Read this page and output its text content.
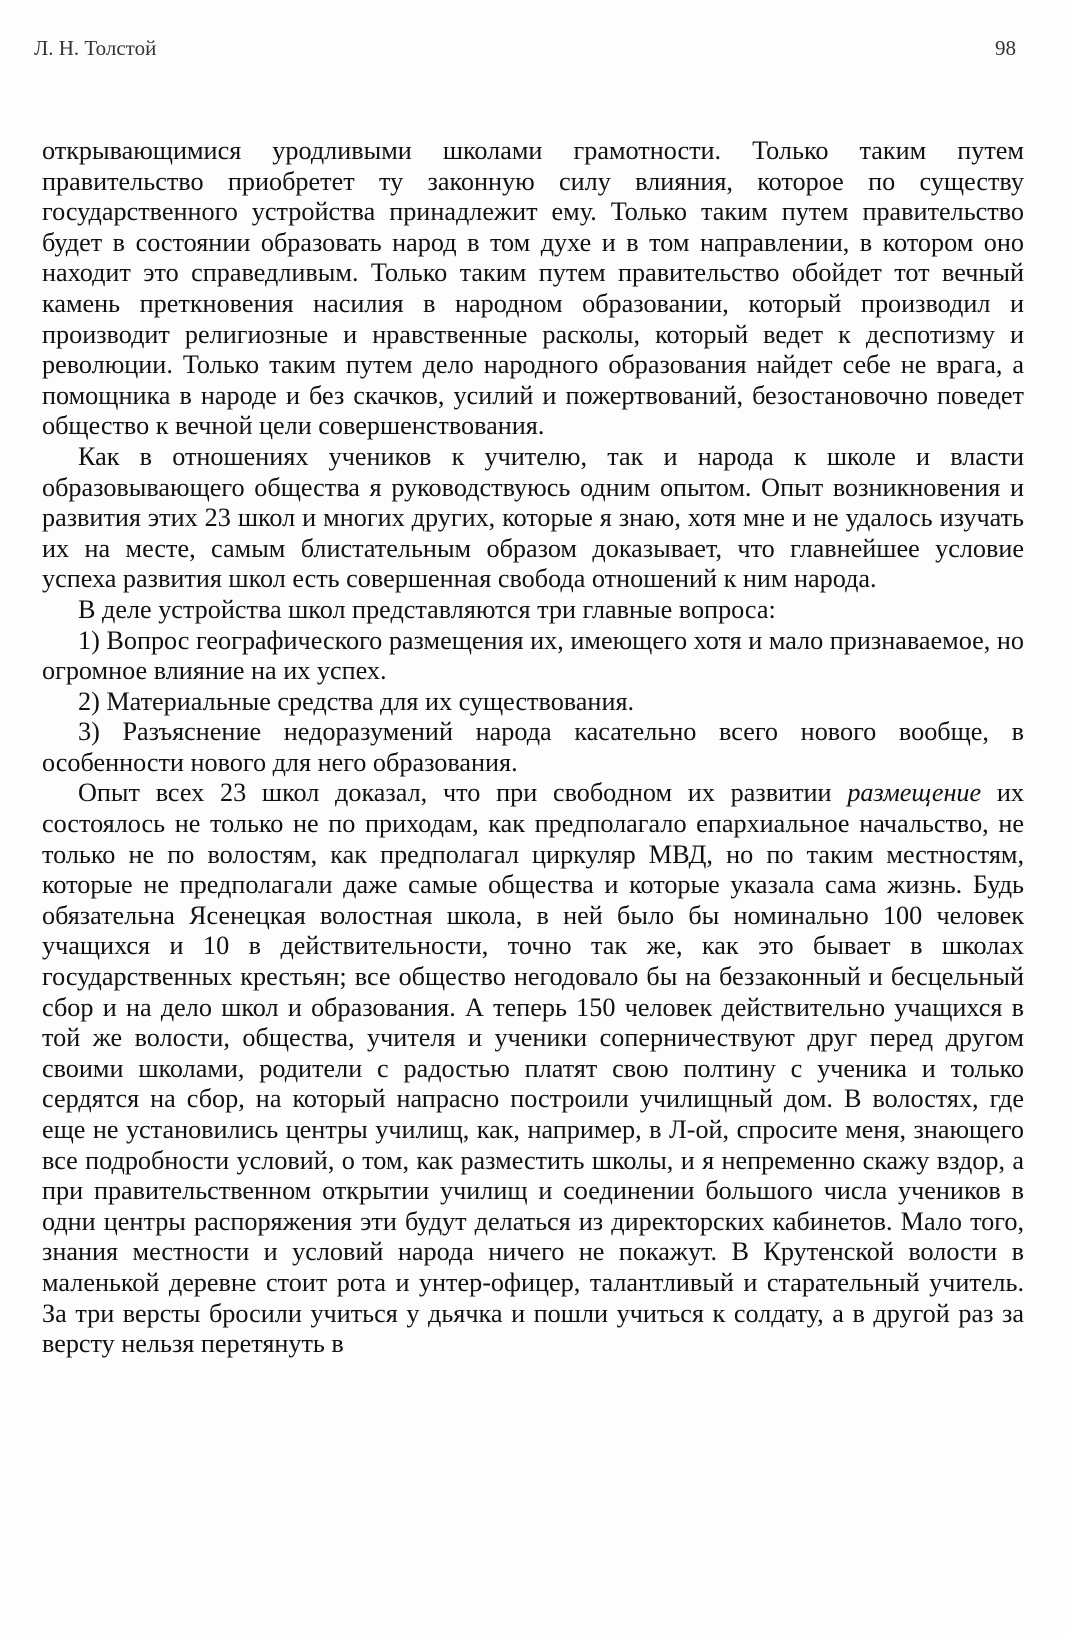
Л. Н. Толстой	98

открывающимися уродливыми школами грамотности. Только таким путем правительство приобретет ту законную силу влияния, которое по существу государственного устройства принадлежит ему. Только таким путем правительство будет в состоянии образовать народ в том духе и в том направлении, в котором оно находит это справедливым. Только таким путем правительство обойдет тот вечный камень преткновения насилия в народном образовании, который производил и производит религиозные и нравственные расколы, который ведет к деспотизму и революции. Только таким путем дело народного образования найдет себе не врага, а помощника в народе и без скачков, усилий и пожертвований, безостановочно поведет общество к вечной цели совершенствования.

Как в отношениях учеников к учителю, так и народа к школе и власти образовывающего общества я руководствуюсь одним опытом. Опыт возникновения и развития этих 23 школ и многих других, которые я знаю, хотя мне и не удалось изучать их на месте, самым блистательным образом доказывает, что главнейшее условие успеха развития школ есть совершенная свобода отношений к ним народа.

В деле устройства школ представляются три главные вопроса:

1) Вопрос географического размещения их, имеющего хотя и мало признаваемое, но огромное влияние на их успех.

2) Материальные средства для их существования.

3) Разъяснение недоразумений народа касательно всего нового вообще, в особенности нового для него образования.

Опыт всех 23 школ доказал, что при свободном их развитии размещение их состоялось не только не по приходам, как предполагало епархиальное начальство, не только не по волостям, как предполагал циркуляр МВД, но по таким местностям, которые не предполагали даже самые общества и которые указала сама жизнь. Будь обязательна Ясенецкая волостная школа, в ней было бы номинально 100 человек учащихся и 10 в действительности, точно так же, как это бывает в школах государственных крестьян; все общество негодовало бы на беззаконный и бесцельный сбор и на дело школ и образования. А теперь 150 человек действительно учащихся в той же волости, общества, учителя и ученики соперничествуют друг перед другом своими школами, родители с радостью платят свою полтину с ученика и только сердятся на сбор, на который напрасно построили училищный дом. В волостях, где еще не установились центры училищ, как, например, в Л-ой, спросите меня, знающего все подробности условий, о том, как разместить школы, и я непременно скажу вздор, а при правительственном открытии училищ и соединении большого числа учеников в одни центры распоряжения эти будут делаться из директорских кабинетов. Мало того, знания местности и условий народа ничего не покажут. В Крутенской волости в маленькой деревне стоит рота и унтер-офицер, талантливый и старательный учитель. За три версты бросили учиться у дьячка и пошли учиться к солдату, а в другой раз за версту нельзя перетянуть в
